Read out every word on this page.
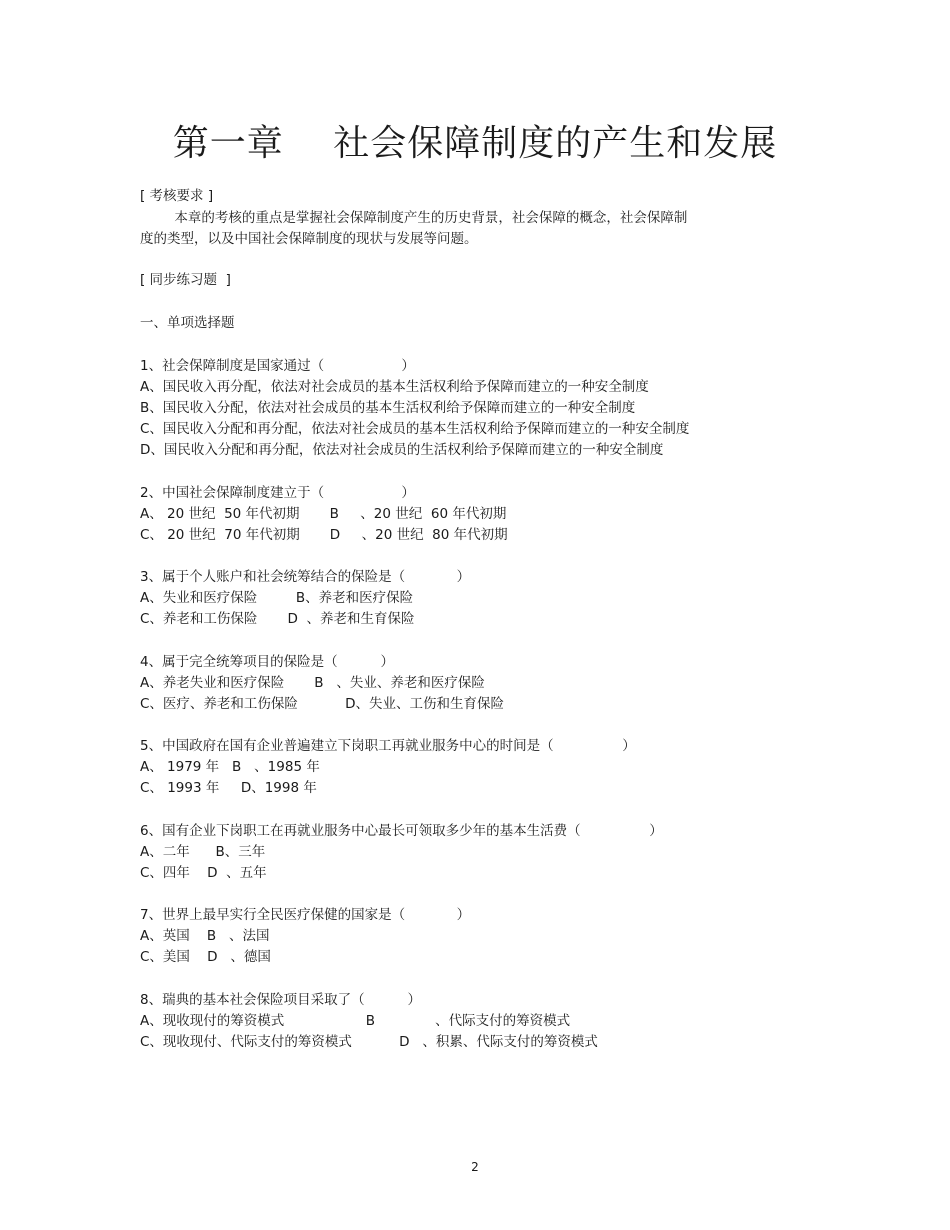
第一章　 社会保障制度的产生和发展
[ 考核要求 ]
本章的考核的重点是掌握社会保障制度产生的历史背景，社会保障的概念，社会保障制
度的类型，以及中国社会保障制度的现状与发展等问题。
[ 同步练习题  ]
一、单项选择题
1、社会保障制度是国家通过（                  ）
A、国民收入再分配，依法对社会成员的基本生活权利给予保障而建立的一种安全制度
B、国民收入分配，依法对社会成员的基本生活权利给予保障而建立的一种安全制度
C、国民收入分配和再分配，依法对社会成员的基本生活权利给予保障而建立的一种安全制度
D、国民收入分配和再分配，依法对社会成员的生活权利给予保障而建立的一种安全制度
2、中国社会保障制度建立于（                  ）
A、 20 世纪  50 年代初期       B     、20 世纪  60 年代初期
C、 20 世纪  70 年代初期       D     、20 世纪  80 年代初期
3、属于个人账户和社会统筹结合的保险是（            ）
A、失业和医疗保险         B、养老和医疗保险
C、养老和工伤保险       D  、养老和生育保险
4、属于完全统筹项目的保险是（          ）
A、养老失业和医疗保险       B   、失业、养老和医疗保险
C、医疗、养老和工伤保险           D、失业、工伤和生育保险
5、中国政府在国有企业普遍建立下岗职工再就业服务中心的时间是（                ）
A、 1979 年   B   、1985 年
C、 1993 年     D、1998 年
6、国有企业下岗职工在再就业服务中心最长可领取多少年的基本生活费（                ）
A、二年      B、三年
C、四年    D  、五年
7、世界上最早实行全民医疗保健的国家是（            ）
A、英国    B   、法国
C、美国    D   、德国
8、瑞典的基本社会保险项目采取了（          ）
A、现收现付的筹资模式                   B              、代际支付的筹资模式
C、现收现付、代际支付的筹资模式           D   、积累、代际支付的筹资模式
2
